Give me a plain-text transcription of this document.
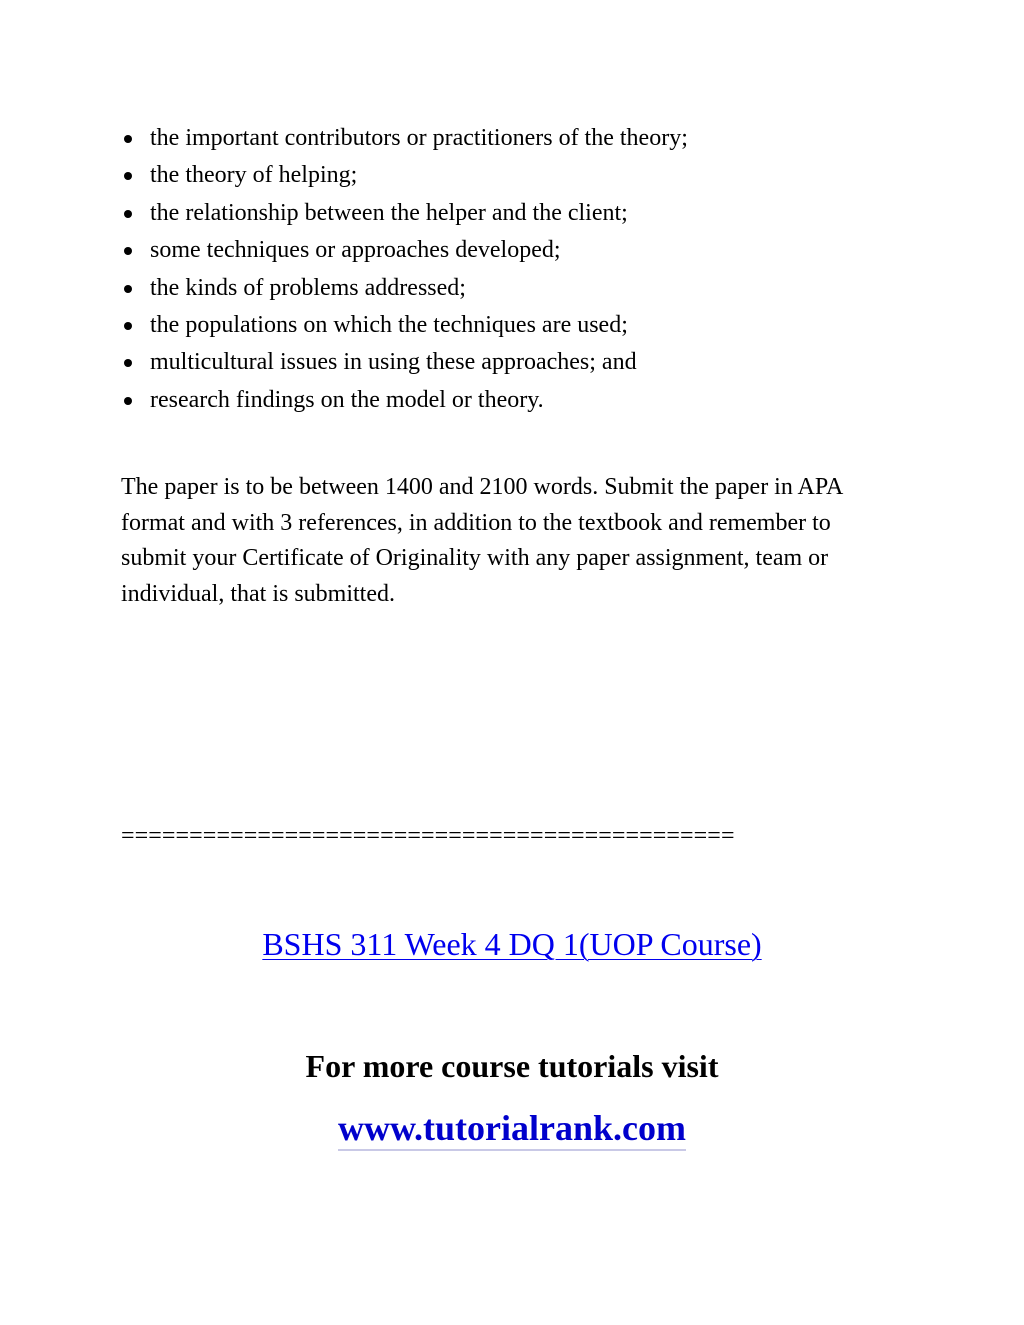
the important contributors or practitioners of the theory;
the theory of helping;
the relationship between the helper and the client;
some techniques or approaches developed;
the kinds of problems addressed;
the populations on which the techniques are used;
multicultural issues in using these approaches; and
research findings on the model or theory.

The paper is to be between 1400 and 2100 words. Submit the paper in APA format and with 3 references, in addition to the textbook and remember to submit your Certificate of Originality with any paper assignment, team or individual, that is submitted.

=============================================

BSHS 311 Week 4 DQ 1(UOP Course)
For more course tutorials visit
www.tutorialrank.com
